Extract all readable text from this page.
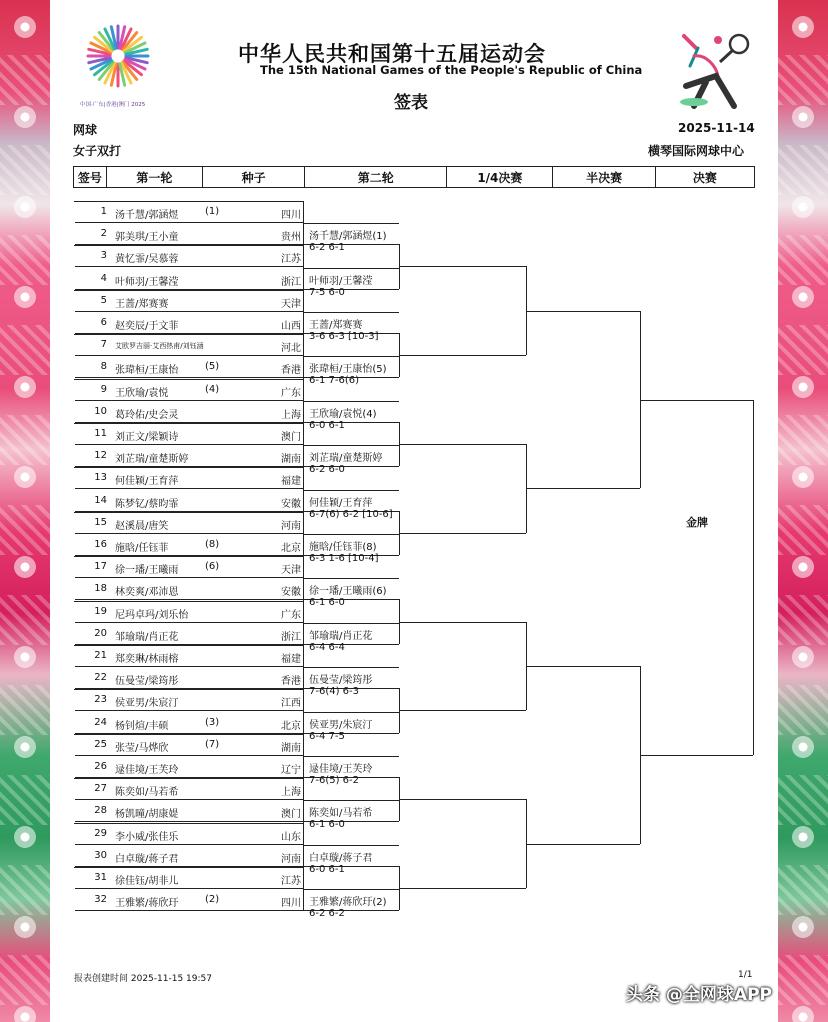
中国·广东|香港|澳门 2025
中华人民共和国第十五届运动会
The 15th National Games of the People's Republic of China
签表
网球
女子双打
2025-11-14
横琴国际网球中心
签号	第一轮	种子	第二轮	1/4决赛	半决赛	决赛
1 汤千慧/郭涵煜	(1)	四川
2 郭美琪/王小童	贵州
3 黄忆霏/吴慕蓉	江苏
4 叶师羽/王馨滢	浙江
5 王蔷/郑赛赛	天津
6 赵奕辰/于文菲	山西
7 艾欧罗吉丽·艾西热甫/刘钰涵	河北
8 张瑋桓/王康怡	(5)	香港
9 王欣瑜/袁悦	(4)	广东
10 葛玲佑/史会灵	上海
11 刘正文/梁颖诗	澳门
12 刘芷瑞/童楚斯婷	湖南
13 何佳颖/王育萍	福建
14 陈梦钇/蔡昀霏	安徽
15 赵溪晨/唐笑	河南
16 施晗/任钰菲	(8)	北京
17 徐一璠/王曦雨	(6)	天津
18 林奕爽/邓沛恩	安徽
19 尼玛卓玛/刘乐怡	广东
20 邹瑜瑞/肖正花	浙江
21 郑奕琳/林雨榕	福建
22 伍曼莹/梁筠彤	香港
23 侯亚男/朱宸汀	江西
24 杨钊煊/丰硕	(3)	北京
25 张莹/马烨欣	(7)	湖南
26 逯佳境/王芙玲	辽宁
27 陈奕如/马若希	上海
28 杨凯曈/胡康媞	澳门
29 李小威/张佳乐	山东
30 白卓璇/蒋子君	河南
31 徐佳钰/胡非儿	江苏
32 王雅繁/蒋欣玗	(2)	四川
汤千慧/郭涵煜(1)
6-2 6-1
叶师羽/王馨滢
7-5 6-0
王蔷/郑赛赛
3-6 6-3 [10-3]
张瑋桓/王康怡(5)
6-1 7-6(6)
王欣瑜/袁悦(4)
6-0 6-1
刘芷瑞/童楚斯婷
6-2 6-0
何佳颖/王育萍
6-7(6) 6-2 [10-6]
施晗/任钰菲(8)
6-3 1-6 [10-4]
徐一璠/王曦雨(6)
6-1 6-0
邹瑜瑞/肖正花
6-4 6-4
伍曼莹/梁筠彤
7-6(4) 6-3
侯亚男/朱宸汀
6-4 7-5
逯佳境/王芙玲
7-6(5) 6-2
陈奕如/马若希
6-1 6-0
白卓璇/蒋子君
6-0 6-1
王雅繁/蒋欣玗(2)
6-2 6-2
金牌
报表创建时间 2025-11-15 19:57	1/1
头条 @全网球APP
